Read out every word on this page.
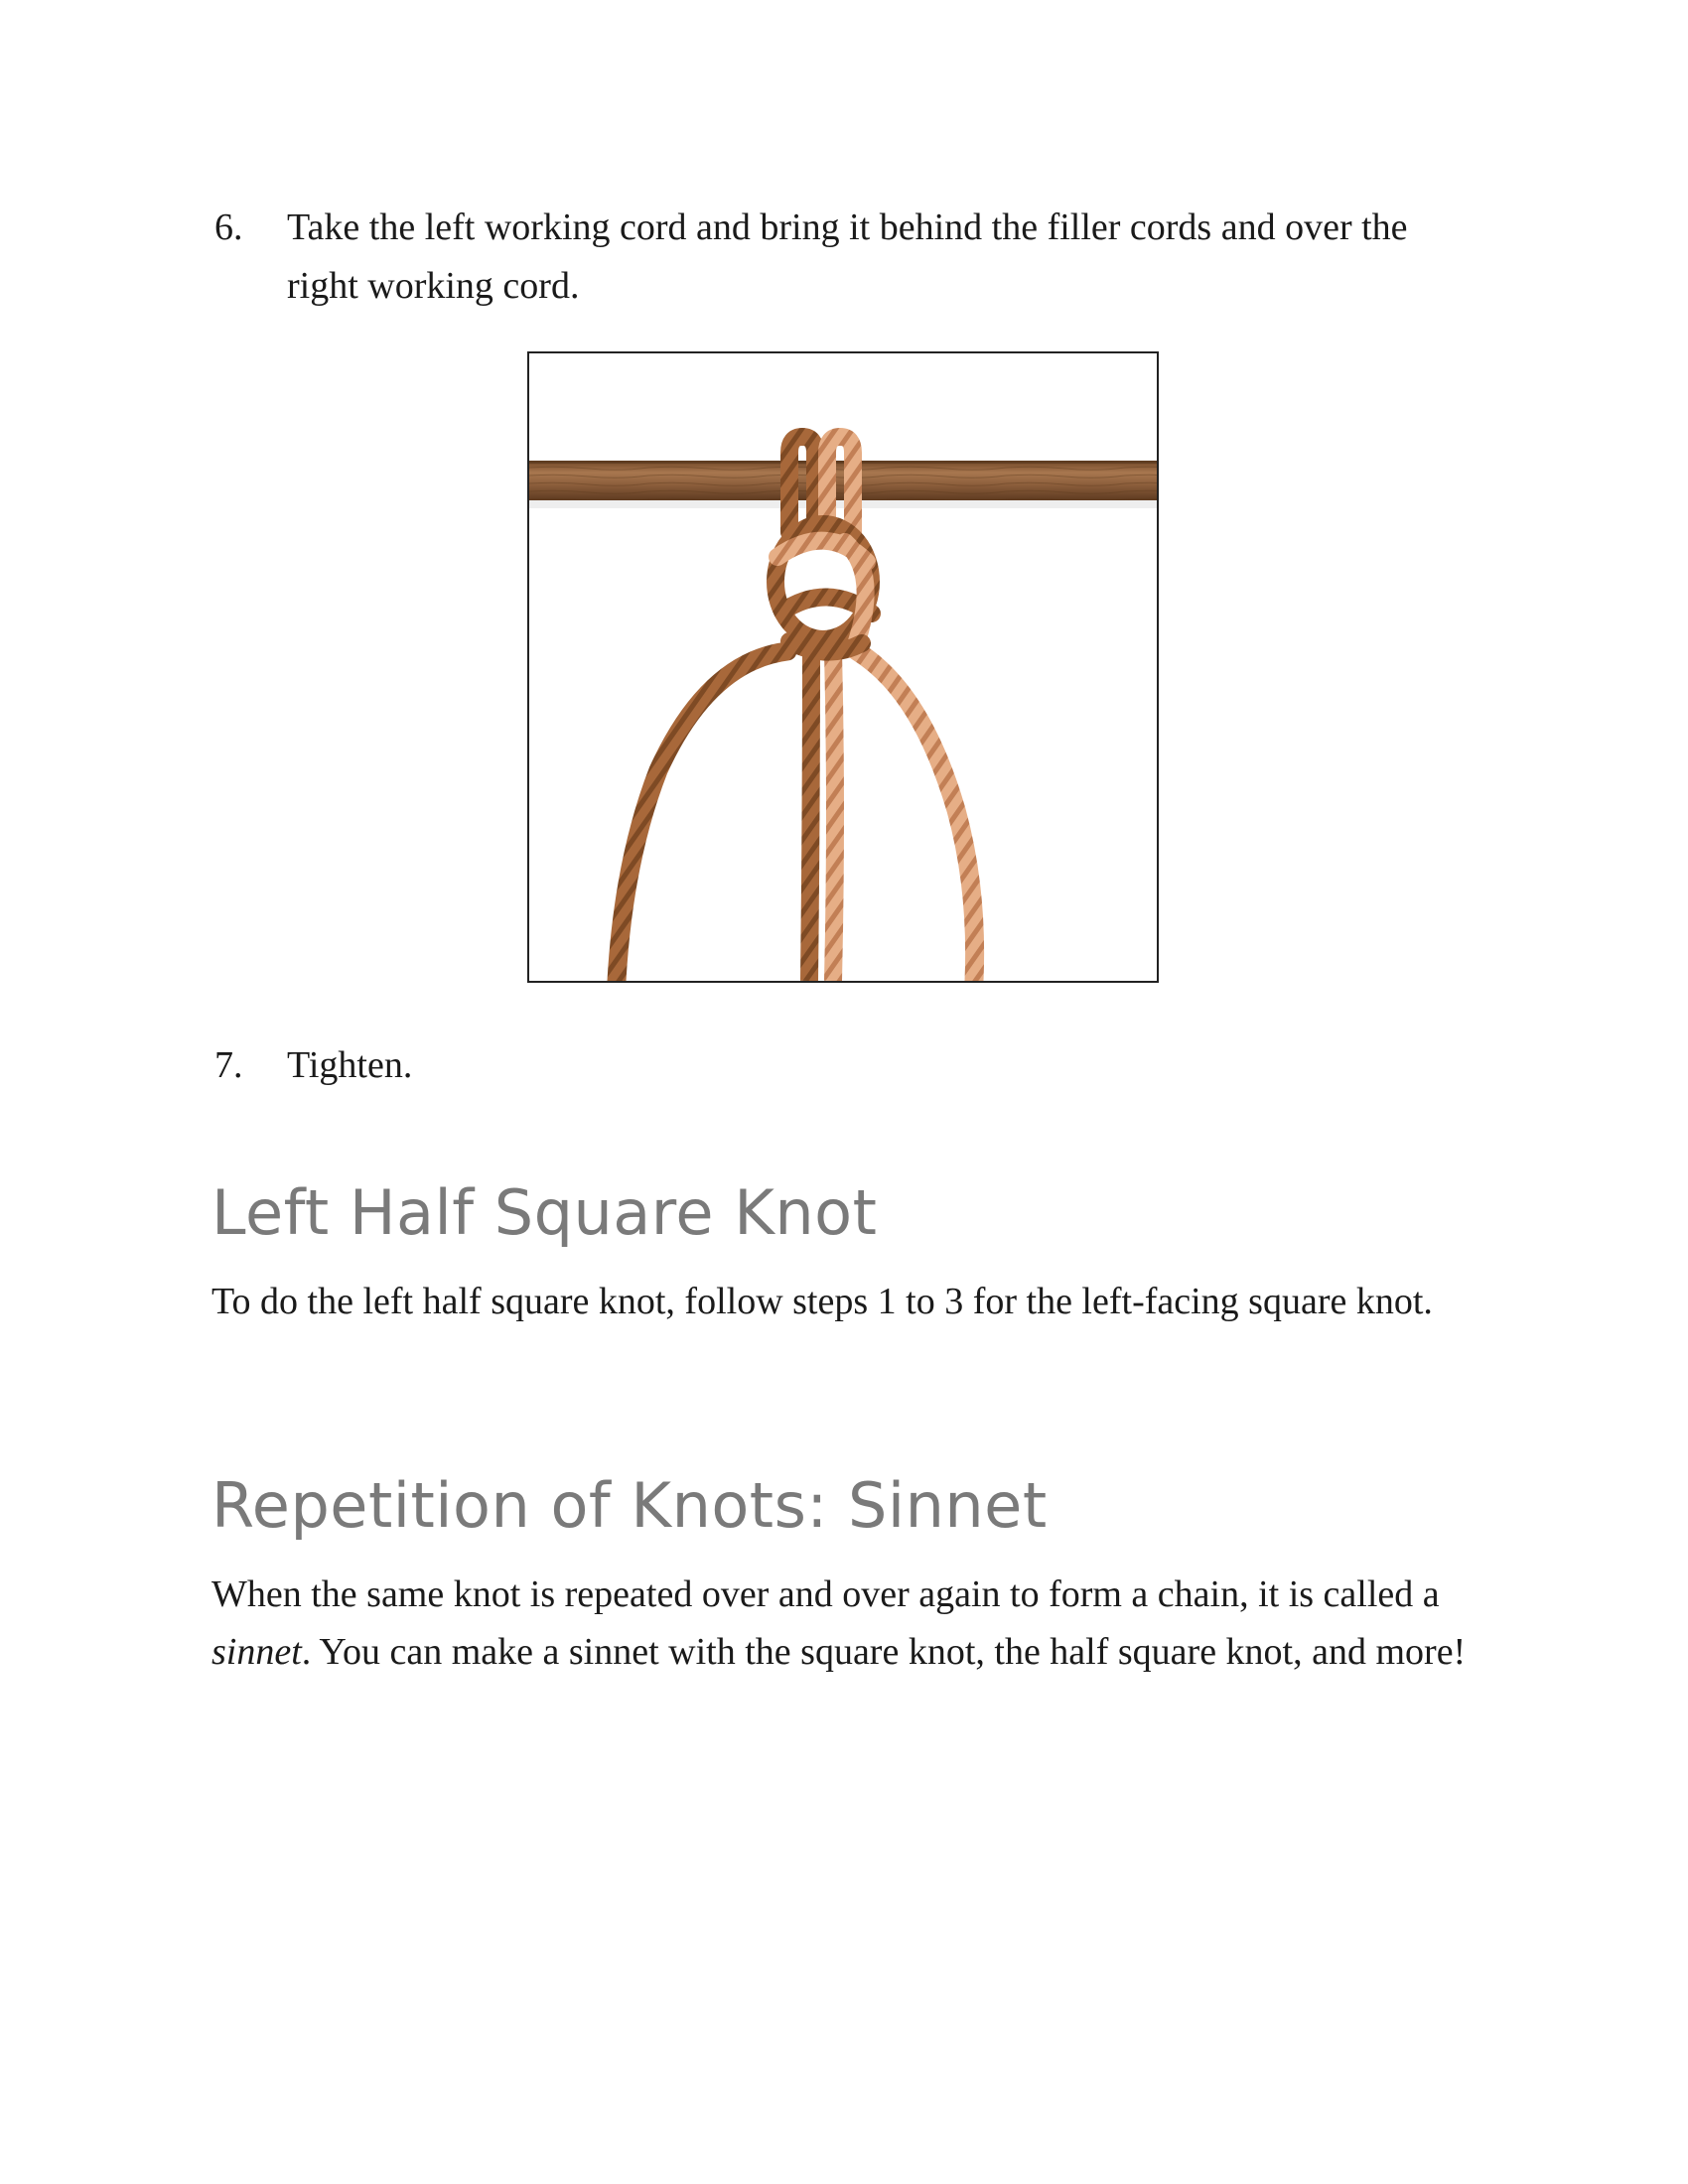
6. Take the left working cord and bring it behind the filler cords and over the right working cord.
7. Tighten.
Left Half Square Knot

To do the left half square knot, follow steps 1 to 3 for the left-facing square knot.

Repetition of Knots: Sinnet

When the same knot is repeated over and over again to form a chain, it is called a sinnet. You can make a sinnet with the square knot, the half square knot, and more!
